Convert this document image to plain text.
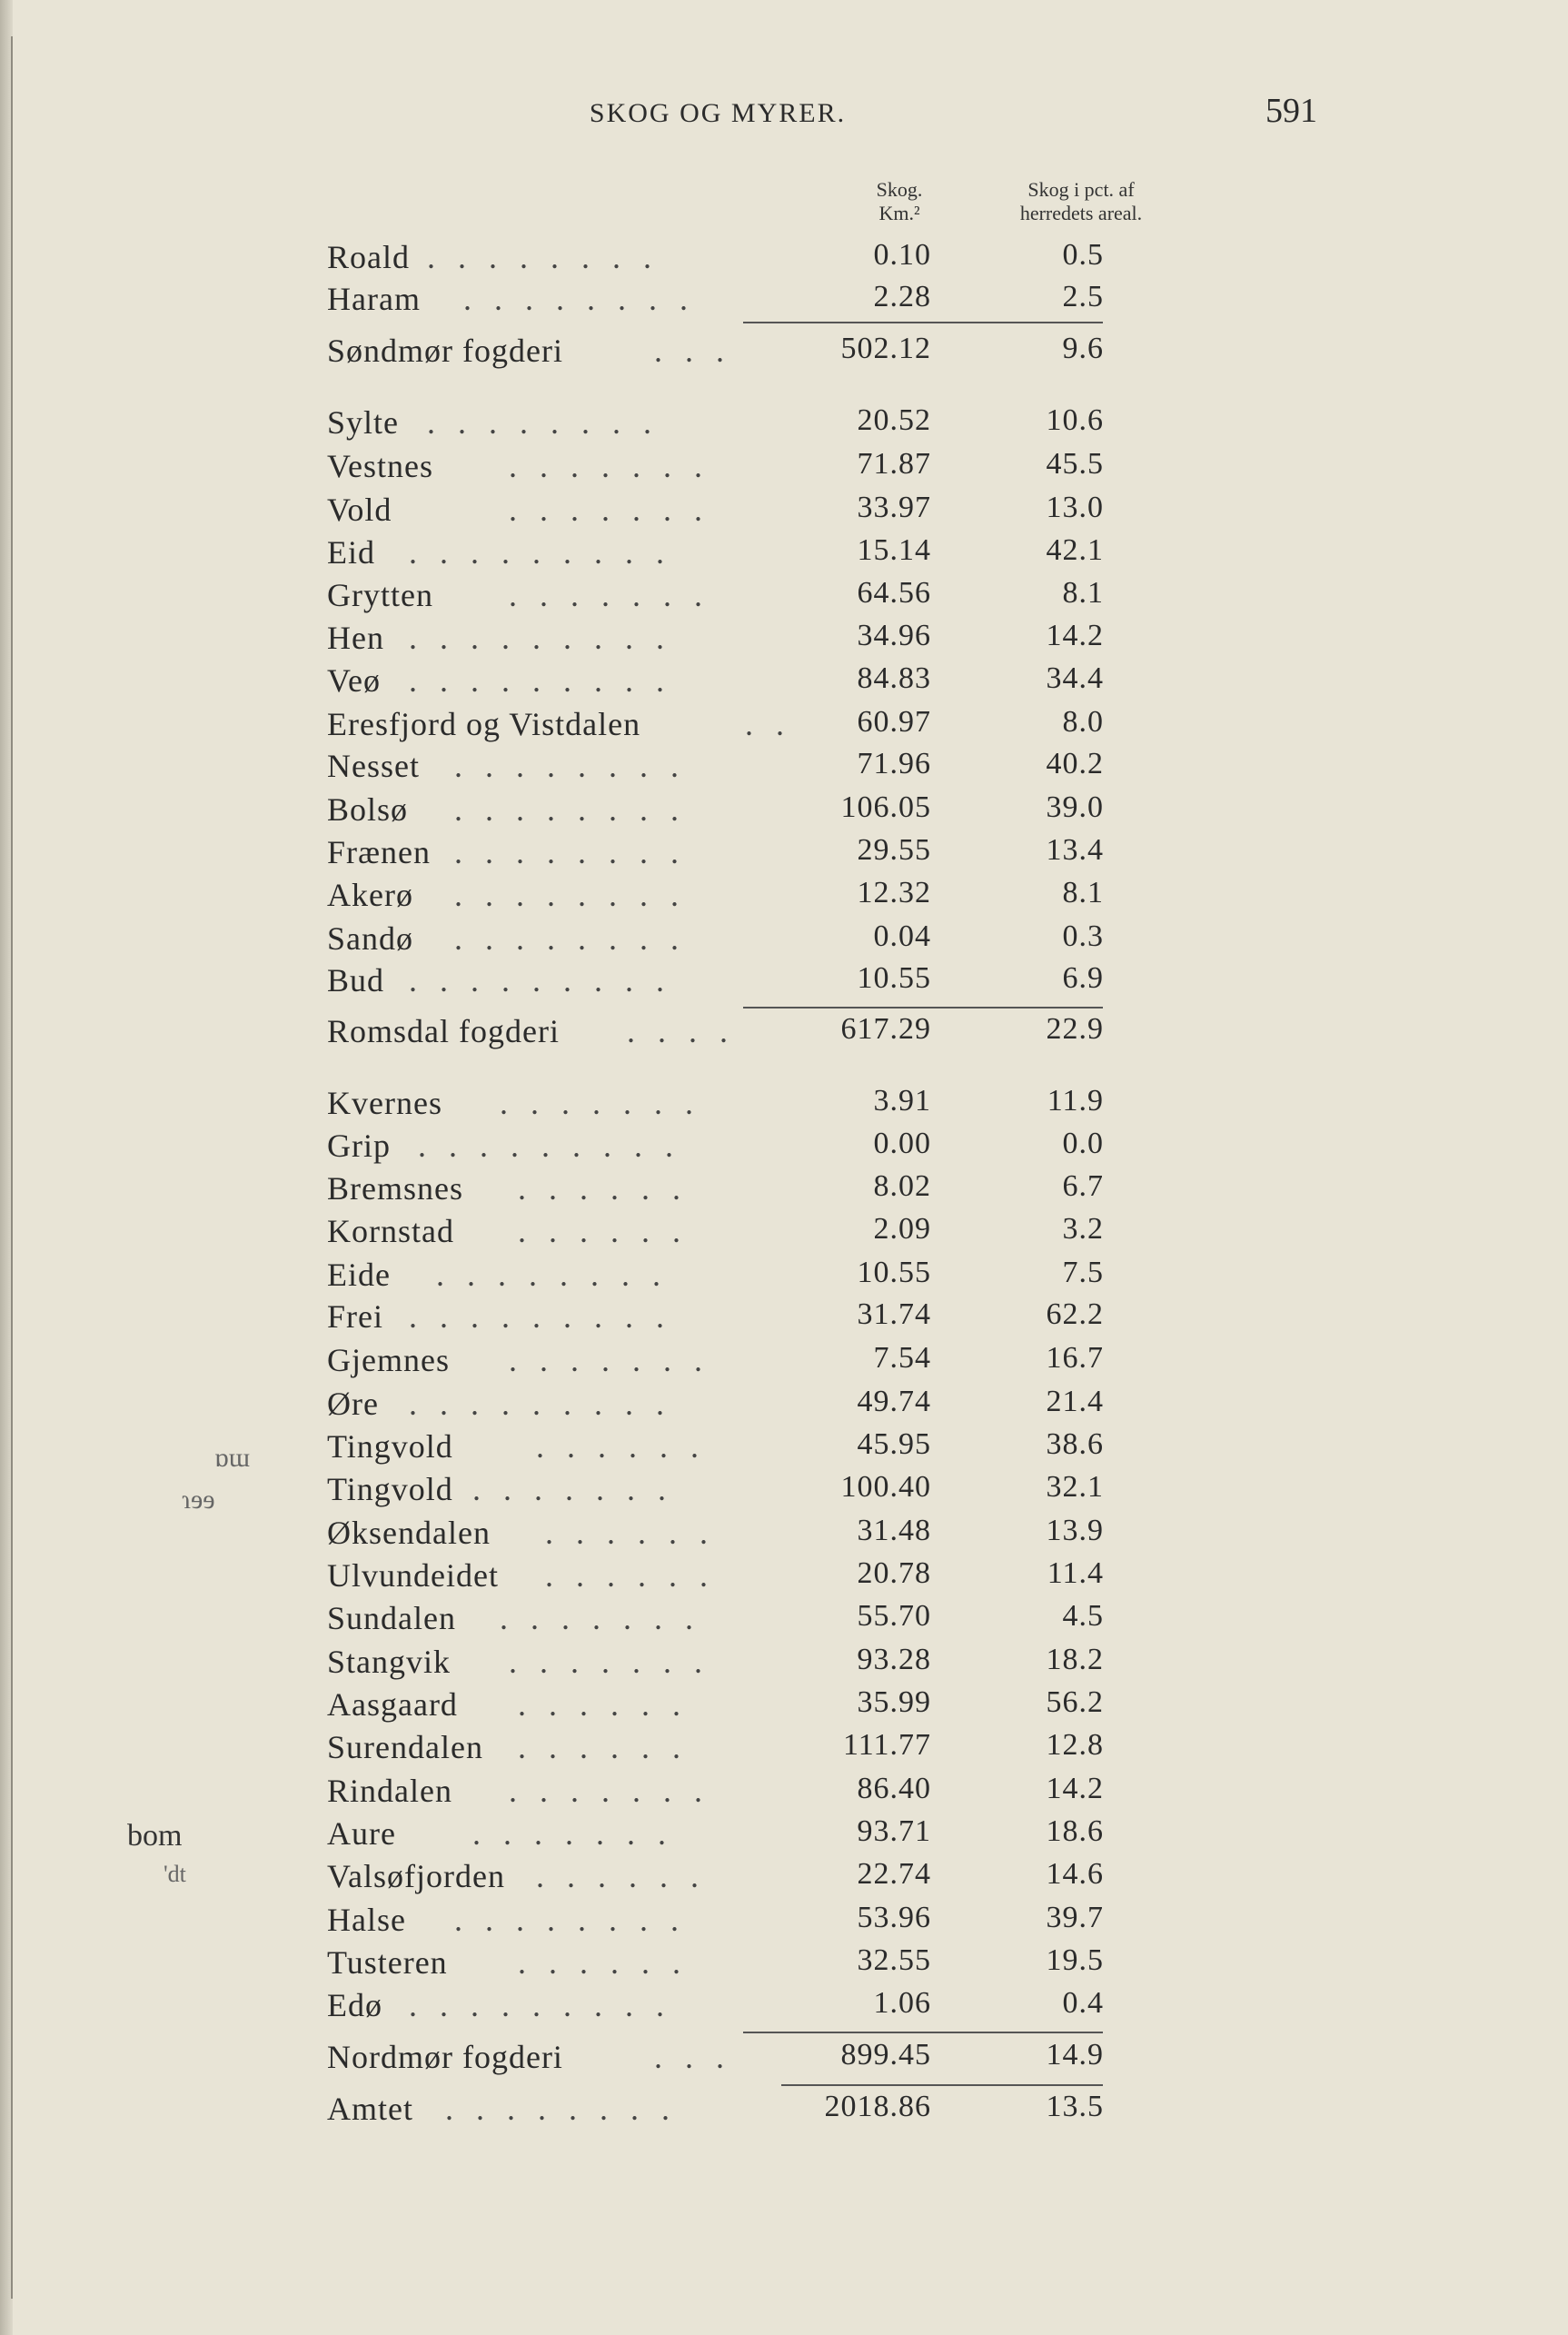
SKOG OG MYRER.	591
Skog.
Km.²
Skog i pct. af
herredets areal.
Roald . . . . . . . .	0.10	0.5
Haram . . . . . . . .	2.28	2.5
Søndmør fogderi	. . .	502.12	9.6
Sylte . . . . . . . .	20.52	10.6
Vestnes . . . . . . .	71.87	45.5
Vold	. . . . . . .	33.97	13.0
Eid . . . . . . . . .	15.14	42.1
Grytten . . . . . . .	64.56	8.1
Hen . . . . . . . . .	34.96	14.2
Veø . . . . . . . . .	84.83	34.4
Eresfjord og Vistdalen	. .	60.97	8.0
Nesset . . . . . . . .	71.96	40.2
Bolsø . . . . . . . .	106.05	39.0
Frænen . . . . . . . .	29.55	13.4
Akerø . . . . . . . .	12.32	8.1
Sandø . . . . . . . .	0.04	0.3
Bud . . . . . . . . .	10.55	6.9
Romsdal fogderi . . . .	617.29	22.9
Kvernes . . . . . . .	3.91	11.9
Grip . . . . . . . . .	0.00	0.0
Bremsnes . . . . . .	8.02	6.7
Kornstad . . . . . .	2.09	3.2
Eide . . . . . . . .	10.55	7.5
Frei . . . . . . . . .	31.74	62.2
Gjemnes . . . . . . .	7.54	16.7
Øre . . . . . . . . .	49.74	21.4
Tingvold	. . . . . .	45.95	38.6
Tingvold . . . . . . .	100.40	32.1
Øksendalen . . . . . .	31.48	13.9
Ulvundeidet . . . . . .	20.78	11.4
Sundalen . . . . . . .	55.70	4.5
Stangvik . . . . . . .	93.28	18.2
Aasgaard . . . . . .	35.99	56.2
Surendalen . . . . . .	111.77	12.8
Rindalen . . . . . . .	86.40	14.2
Aure . . . . . . .	93.71	18.6
Valsøfjorden . . . . . .	22.74	14.6
Halse . . . . . . . .	53.96	39.7
Tusteren . . . . . .	32.55	19.5
Edø . . . . . . . . .	1.06	0.4
Nordmør fogderi	. . .	899.45	14.9
Amtet . . . . . . . .	2018.86	13.5
ɒɯ
ɿɘɘ
bom
'dt
